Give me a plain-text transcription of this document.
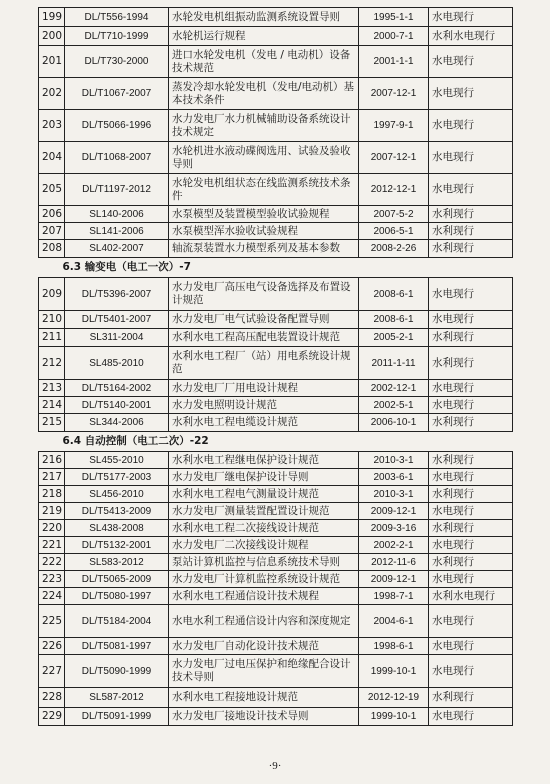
199	DL/T556-1994	水轮发电机组振动监测系统设置导则	1995-1-1	水电现行
200	DL/T710-1999	水轮机运行规程	2000-7-1	水利水电现行
201	DL/T730-2000	进口水轮发电机（发电 / 电动机）设备技术规范	2001-1-1	水电现行
202	DL/T1067-2007	蒸发冷却水轮发电机（发电/电动机）基本技术条件	2007-12-1	水电现行
203	DL/T5066-1996	水力发电厂水力机械辅助设备系统设计技术规定	1997-9-1	水电现行
204	DL/T1068-2007	水轮机进水液动碟阀选用、试验及验收导则	2007-12-1	水电现行
205	DL/T1197-2012	水轮发电机组状态在线监测系统技术条件	2012-12-1	水电现行
206	SL140-2006	水泵模型及装置模型验收试验规程	2007-5-2	水利现行
207	SL141-2006	水泵模型浑水验收试验规程	2006-5-1	水利现行
208	SL402-2007	轴流泵装置水力模型系列及基本参数	2008-2-26	水利现行
6.3 输变电（电工一次）-7				
209	DL/T5396-2007	水力发电厂高压电气设备选择及布置设计规范	2008-6-1	水电现行
210	DL/T5401-2007	水力发电厂电气试验设备配置导则	2008-6-1	水电现行
211	SL311-2004	水利水电工程高压配电装置设计规范	2005-2-1	水利现行
212	SL485-2010	水利水电工程厂（站）用电系统设计规范	2011-1-11	水利现行
213	DL/T5164-2002	水力发电厂厂用电设计规程	2002-12-1	水电现行
214	DL/T5140-2001	水力发电照明设计规范	2002-5-1	水电现行
215	SL344-2006	水利水电工程电缆设计规范	2006-10-1	水利现行
6.4 自动控制（电工二次）-22				
216	SL455-2010	水利水电工程继电保护设计规范	2010-3-1	水利现行
217	DL/T5177-2003	水力发电厂继电保护设计导则	2003-6-1	水电现行
218	SL456-2010	水利水电工程电气测量设计规范	2010-3-1	水利现行
219	DL/T5413-2009	水力发电厂测量装置配置设计规范	2009-12-1	水电现行
220	SL438-2008	水利水电工程二次接线设计规范	2009-3-16	水利现行
221	DL/T5132-2001	水力发电厂二次接线设计规程	2002-2-1	水电现行
222	SL583-2012	泵站计算机监控与信息系统技术导则	2012-11-6	水利现行
223	DL/T5065-2009	水力发电厂计算机监控系统设计规范	2009-12-1	水电现行
224	DL/T5080-1997	水利水电工程通信设计技术规程	1998-7-1	水利水电现行
225	DL/T5184-2004	水电水利工程通信设计内容和深度规定	2004-6-1	水电现行
226	DL/T5081-1997	水力发电厂自动化设计技术规范	1998-6-1	水电现行
227	DL/T5090-1999	水力发电厂过电压保护和绝缘配合设计技术导则	1999-10-1	水电现行
228	SL587-2012	水利水电工程接地设计规范	2012-12-19	水利现行
229	DL/T5091-1999	水力发电厂接地设计技术导则	1999-10-1	水电现行
·9·
